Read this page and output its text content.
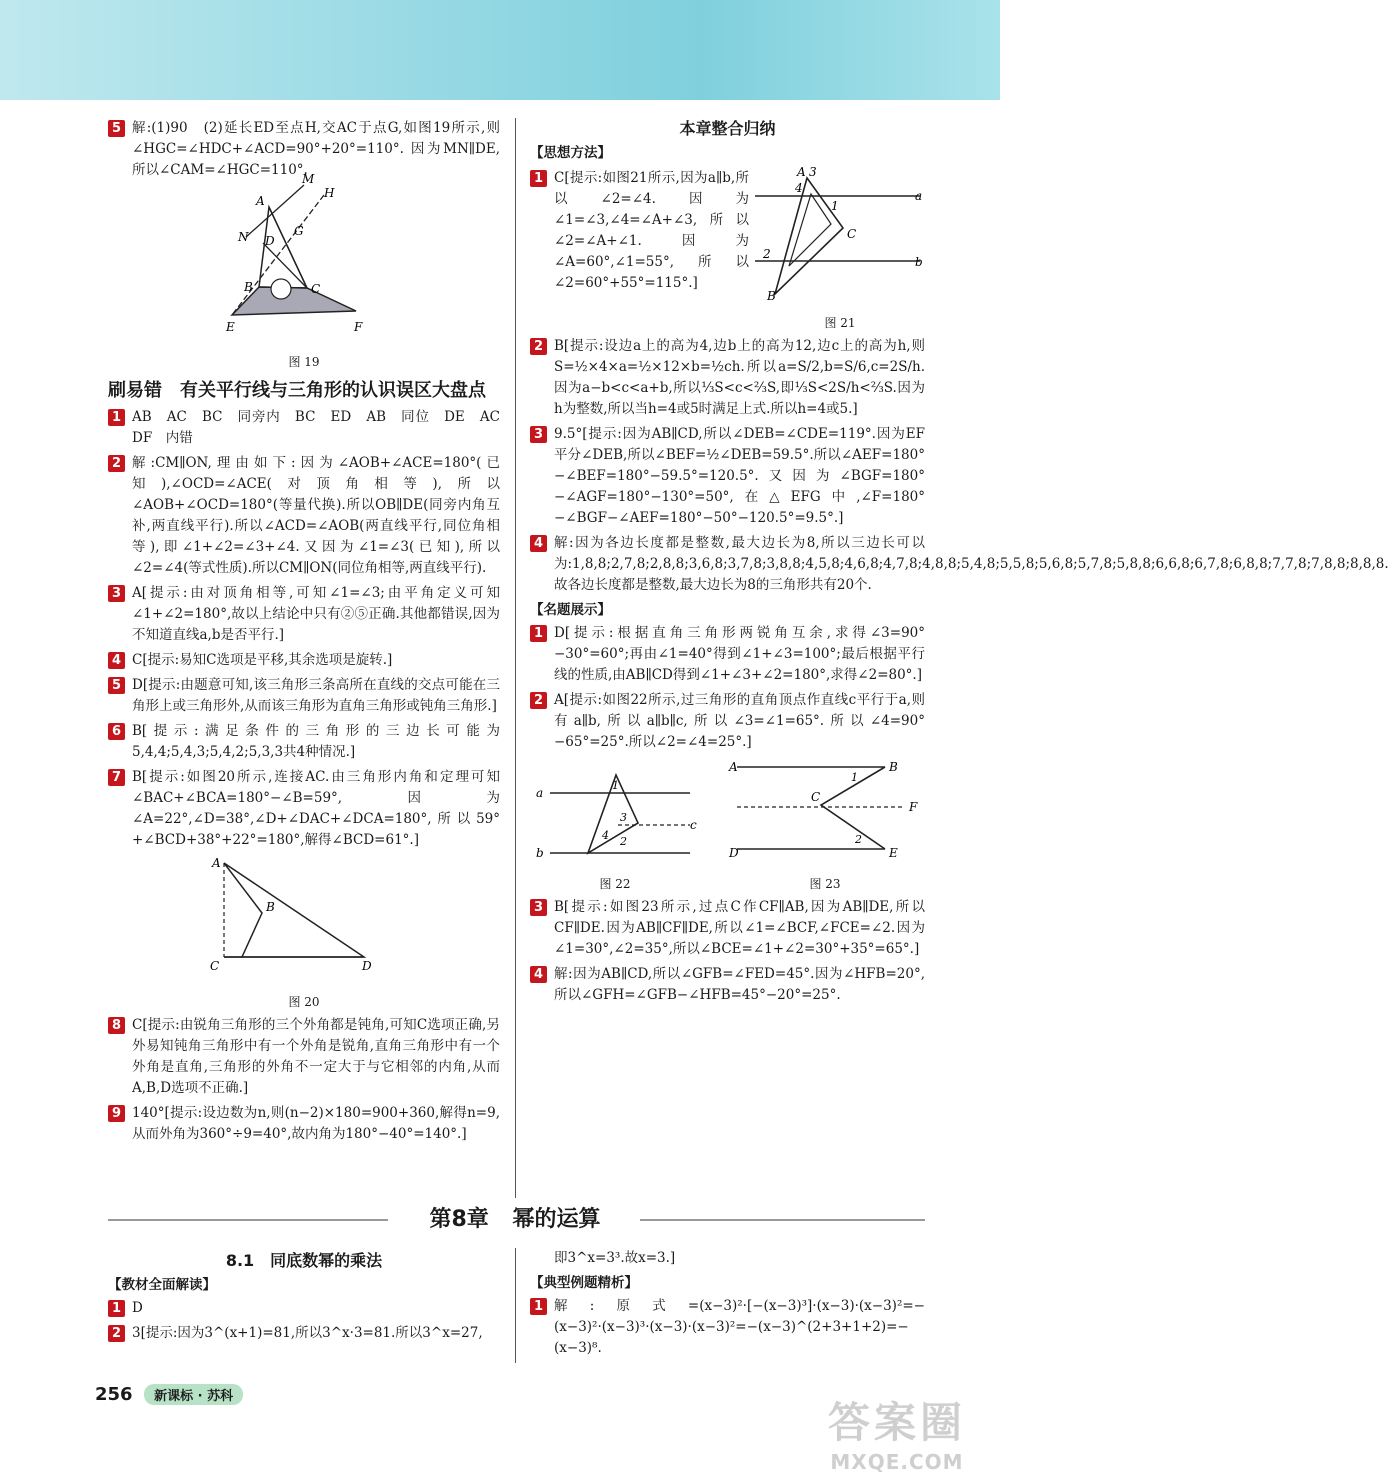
5 解:(1)90　(2)延长ED至点H,交AC于点G,如图19所示,则∠HGC=∠HDC+∠ACD=90°+20°=110°. 因为MN∥DE,所以∠CAM=∠HGC=110°.
M
H
A
G
N D
B	C
E	F
图 19
刷易错　有关平行线与三角形的认识误区大盘点
1 AB　AC　BC　同旁内　BC　ED　AB　同位　DE　AC　DF　内错
2 解:CM∥ON,理由如下:因为∠AOB+∠ACE=180°(已知),∠OCD=∠ACE(对顶角相等),所以∠AOB+∠OCD=180°(等量代换).所以OB∥DE(同旁内角互补,两直线平行).所以∠ACD=∠AOB(两直线平行,同位角相等),即∠1+∠2=∠3+∠4.又因为∠1=∠3(已知),所以∠2=∠4(等式性质).所以CM∥ON(同位角相等,两直线平行).
3 A[提示:由对顶角相等,可知∠1=∠3;由平角定义可知∠1+∠2=180°,故以上结论中只有②⑤正确.其他都错误,因为不知道直线a,b是否平行.]
4 C[提示:易知C选项是平移,其余选项是旋转.]
5 D[提示:由题意可知,该三角形三条高所在直线的交点可能在三角形上或三角形外,从而该三角形为直角三角形或钝角三角形.]
6 B[提示:满足条件的三角形的三边长可能为5,4,4;5,4,3;5,4,2;5,3,3共4种情况.]
7 B[提示:如图20所示,连接AC.由三角形内角和定理可知∠BAC+∠BCA=180°−∠B=59°,因为∠A=22°,∠D=38°,∠D+∠DAC+∠DCA=180°,所以59°+∠BCD+38°+22°=180°,解得∠BCD=61°.]
A
B
C	D
图 20
8 C[提示:由锐角三角形的三个外角都是钝角,可知C选项正确,另外易知钝角三角形中有一个外角是锐角,直角三角形中有一个外角是直角,三角形的外角不一定大于与它相邻的内角,从而A,B,D选项不正确.]
9 140°[提示:设边数为n,则(n−2)×180=900+360,解得n=9,从而外角为360°÷9=40°,故内角为180°−40°=140°.]
本章整合归纳
【思想方法】
1 C[提示:如图21所示,因为a∥b,所以∠2=∠4.因为∠1=∠3,∠4=∠A+∠3,所以∠2=∠A+∠1.因为∠A=60°,∠1=55°,所以∠2=60°+55°=115°.]
A 3
4
1
a
C
2
b
B
图 21
2 B[提示:设边a上的高为4,边b上的高为12,边c上的高为h,则S=½×4×a=½×12×b=½ch.所以a=S/2,b=S/6,c=2S/h.因为a−b<c<a+b,所以⅓S<c<⅔S,即⅓S<2S/h<⅔S.因为h为整数,所以当h=4或5时满足上式.所以h=4或5.]
3 9.5°[提示:因为AB∥CD,所以∠DEB=∠CDE=119°.因为EF平分∠DEB,所以∠BEF=½∠DEB=59.5°.所以∠AEF=180°−∠BEF=180°−59.5°=120.5°.又因为∠BGF=180°−∠AGF=180°−130°=50°,在△EFG中,∠F=180°−∠BGF−∠AEF=180°−50°−120.5°=9.5°.]
4 解:因为各边长度都是整数,最大边长为8,所以三边长可以为:1,8,8;2,7,8;2,8,8;3,6,8;3,7,8;3,8,8;4,5,8;4,6,8;4,7,8;4,8,8;5,4,8;5,5,8;5,6,8;5,7,8;5,8,8;6,6,8;6,7,8;6,8,8;7,7,8;7,8,8;8,8,8.故各边长度都是整数,最大边长为8的三角形共有20个.
【名题展示】
1 D[提示:根据直角三角形两锐角互余,求得∠3=90°−30°=60°;再由∠1=40°得到∠1+∠3=100°;最后根据平行线的性质,由AB∥CD得到∠1+∠3+∠2=180°,求得∠2=80°.]
2 A[提示:如图22所示,过三角形的直角顶点作直线c平行于a,则有a∥b,所以a∥b∥c,所以∠3=∠1=65°.所以∠4=90°−65°=25°.所以∠2=∠4=25°.]
a
b
c
1
2
3
4
图 22
A	B
C
D	E
F
1
2
图 23
3 B[提示:如图23所示,过点C作CF∥AB,因为AB∥DE,所以CF∥DE.因为AB∥CF∥DE,所以∠1=∠BCF,∠FCE=∠2.因为∠1=30°,∠2=35°,所以∠BCE=∠1+∠2=30°+35°=65°.]
4 解:因为AB∥CD,所以∠GFB=∠FED=45°.因为∠HFB=20°,所以∠GFH=∠GFB−∠HFB=45°−20°=25°.
第8章 幂的运算
8.1　同底数幂的乘法
【教材全面解读】
1 D
2 3[提示:因为3^(x+1)=81,所以3^x·3=81.所以3^x=27,
即3^x=3³.故x=3.]
【典型例题精析】
1 解:原式=(x−3)²·[−(x−3)³]·(x−3)·(x−3)²=−(x−3)²·(x−3)³·(x−3)·(x−3)²=−(x−3)^(2+3+1+2)=−(x−3)⁸.
256 新课标 · 苏科
答案圈
MXQE.COM
